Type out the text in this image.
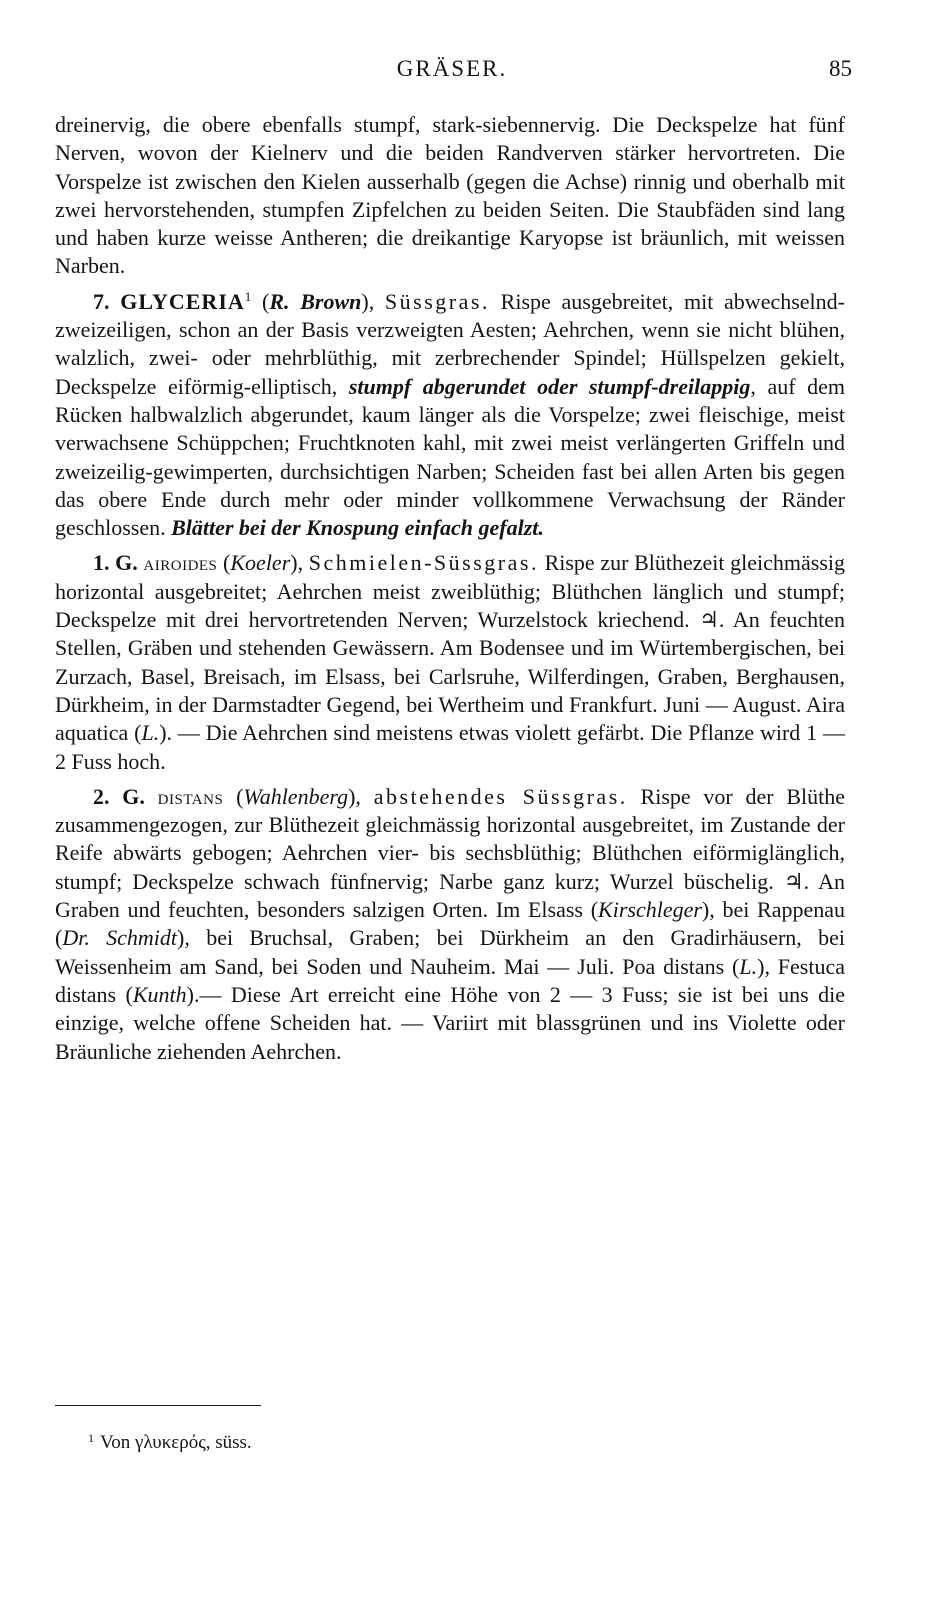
GRÄSER.	85

dreinervig, die obere ebenfalls stumpf, stark-siebennervig. Die Deckspelze hat fünf Nerven, wovon der Kielnerv und die beiden Randverven stärker hervortreten. Die Vorspelze ist zwischen den Kielen ausserhalb (gegen die Achse) rinnig und oberhalb mit zwei hervorstehenden, stumpfen Zipfelchen zu beiden Seiten. Die Staubfäden sind lang und haben kurze weisse Antheren; die dreikantige Karyopse ist bräunlich, mit weissen Narben.

7. GLYCERIA$^1$ (R. Brown), Süssgras. Rispe ausgebreitet, mit abwechselnd-zweizeiligen, schon an der Basis verzweigten Aesten; Aehrchen, wenn sie nicht blühen, walzlich, zwei- oder mehrblüthig, mit zerbrechender Spindel; Hüllspelzen gekielt, Deckspelze eiförmig-elliptisch, stumpf abgerundet oder stumpf-dreilappig, auf dem Rücken halbwalzlich abgerundet, kaum länger als die Vorspelze; zwei fleischige, meist verwachsene Schüppchen; Fruchtknoten kahl, mit zwei meist verlängerten Griffeln und zweizeilig-gewimperten, durchsichtigen Narben; Scheiden fast bei allen Arten bis gegen das obere Ende durch mehr oder minder vollkommene Verwachsung der Ränder geschlossen. Blätter bei der Knospung einfach gefalzt.

1. G. airoides (Koeler), Schmielen-Süssgras. Rispe zur Blüthezeit gleichmässig horizontal ausgebreitet; Aehrchen meist zweiblüthig; Blüthchen länglich und stumpf; Deckspelze mit drei hervortretenden Nerven; Wurzelstock kriechend. ♃. An feuchten Stellen, Gräben und stehenden Gewässern. Am Bodensee und im Würtembergischen, bei Zurzach, Basel, Breisach, im Elsass, bei Carlsruhe, Wilferdingen, Graben, Berghausen, Dürkheim, in der Darmstadter Gegend, bei Wertheim und Frankfurt. Juni — August. Aira aquatica (L.). — Die Aehrchen sind meistens etwas violett gefärbt. Die Pflanze wird 1 — 2 Fuss hoch.

2. G. distans (Wahlenberg), abstehendes Süssgras. Rispe vor der Blüthe zusammengezogen, zur Blüthezeit gleichmässig horizontal ausgebreitet, im Zustande der Reife abwärts gebogen; Aehrchen vier- bis sechsblüthig; Blüthchen eiförmiglänglich, stumpf; Deckspelze schwach fünfnervig; Narbe ganz kurz; Wurzel büschelig. ♃. An Graben und feuchten, besonders salzigen Orten. Im Elsass (Kirschleger), bei Rappenau (Dr. Schmidt), bei Bruchsal, Graben; bei Dürkheim an den Gradirhäusern, bei Weissenheim am Sand, bei Soden und Nauheim. Mai — Juli. Poa distans (L.), Festuca distans (Kunth).— Diese Art erreicht eine Höhe von 2 — 3 Fuss; sie ist bei uns die einzige, welche offene Scheiden hat. — Variirt mit blassgrünen und ins Violette oder Bräunliche ziehenden Aehrchen.

$^1$ Von γλυκερός, süss.
